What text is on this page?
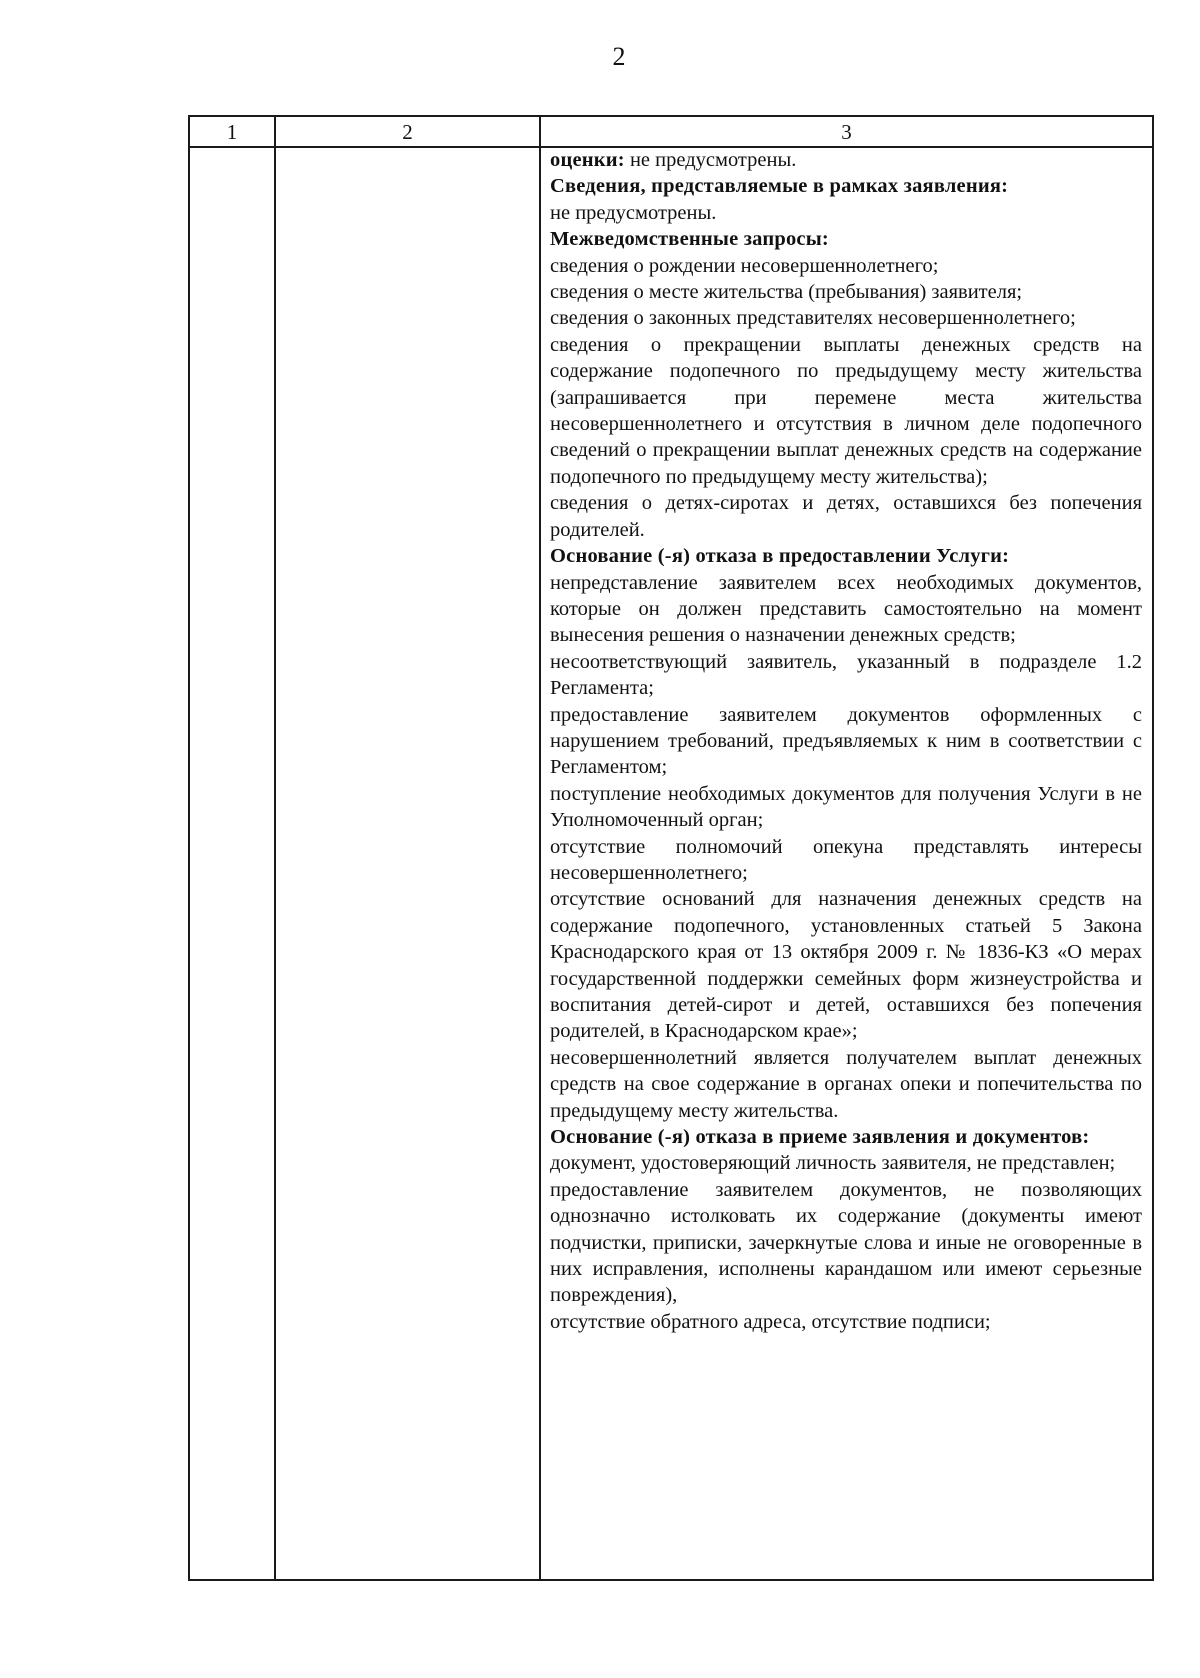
2
1	2	3

оценки: не предусмотрены.

Сведения, представляемые в рамках заявления:

не предусмотрены.

Межведомственные запросы:

сведения о рождении несовершеннолетнего;

сведения о месте жительства (пребывания) заявителя;

сведения о законных представителях несовершеннолетнего;

сведения о прекращении выплаты денежных средств на содержание подопечного по предыдущему месту жительства (запрашивается при перемене места жительства несовершеннолетнего и отсутствия в личном деле подопечного сведений о прекращении выплат денежных средств на содержание подопечного по предыдущему месту жительства);

сведения о детях-сиротах и детях, оставшихся без попечения родителей.

Основание (-я) отказа в предоставлении Услуги:

непредставление заявителем всех необходимых документов, которые он должен представить самостоятельно на момент вынесения решения о назначении денежных средств;

несоответствующий заявитель, указанный в подразделе 1.2 Регламента;

предоставление заявителем документов оформленных с нарушением требований, предъявляемых к ним в соответствии с Регламентом;

поступление необходимых документов для получения Услуги в не Уполномоченный орган;

отсутствие полномочий опекуна представлять интересы несовершеннолетнего;

отсутствие оснований для назначения денежных средств на содержание подопечного, установленных статьей 5 Закона Краснодарского края от 13 октября 2009 г. № 1836-КЗ «О мерах государственной поддержки семейных форм жизнеустройства и воспитания детей-сирот и детей, оставшихся без попечения родителей, в Краснодарском крае»;

несовершеннолетний является получателем выплат денежных средств на свое содержание в органах опеки и попечительства по предыдущему месту жительства.

Основание (-я) отказа в приеме заявления и документов:

документ, удостоверяющий личность заявителя, не представлен;

предоставление заявителем документов, не позволяющих однозначно истолковать их содержание (документы имеют подчистки, приписки, зачеркнутые слова и иные не оговоренные в них исправления, исполнены карандашом или имеют серьезные повреждения),

отсутствие обратного адреса, отсутствие подписи;
